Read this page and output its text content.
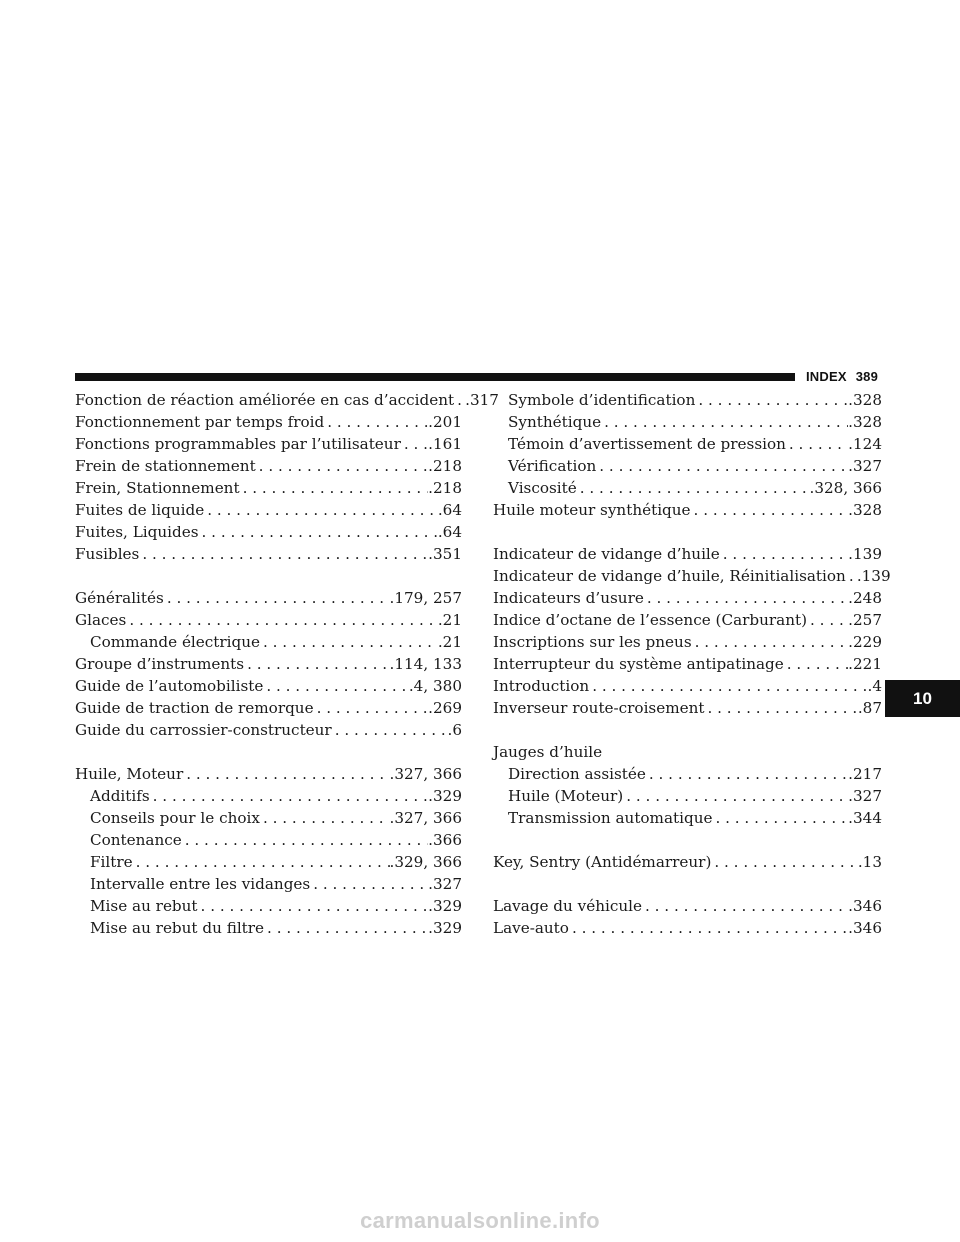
INDEX 389
Fonction de réaction améliorée en cas d’accident . . . .317
Fonctionnement par temps froid . . .	.201
Fonctions programmables par l’utilisateur . . . .161
Frein de stationnement . . .	.218
Frein, Stationnement . . .	.218
Fuites de liquide . . .	.64
Fuites, Liquides . . .	.64
Fusibles . . .	.351
Généralités . . .	.179, 257
Glaces . . .	.21
Commande électrique . . .	.21
Groupe d’instruments . . .	.114, 133
Guide de l’automobiliste . . .	.4, 380
Guide de traction de remorque . . .	.269
Guide du carrossier-constructeur . . .	.6
Huile, Moteur . . .	.327, 366
Additifs . . .	.329
Conseils pour le choix . . .	.327, 366
Contenance . . .	.366
Filtre . . .	.329, 366
Intervalle entre les vidanges . . .	.327
Mise au rebut . . .	.329
Mise au rebut du filtre . . .	.329
Symbole d’identification . . .	.328
Synthétique . . .	.328
Témoin d’avertissement de pression . . .	.124
Vérification . . .	.327
Viscosité . . .	.328, 366
Huile moteur synthétique . . .	.328
Indicateur de vidange d’huile . . .	.139
Indicateur de vidange d’huile, Réinitialisation . . . .139
Indicateurs d’usure . . .	.248
Indice d’octane de l’essence (Carburant) . . .	.257
Inscriptions sur les pneus . . .	.229
Interrupteur du système antipatinage . . .	.221
Introduction . . .	.4
Inverseur route-croisement . . .	.87
Jauges d’huile
Direction assistée . . .	.217
Huile (Moteur) . . .	.327
Transmission automatique . . .	.344
Key, Sentry (Antidémarreur) . . .	.13
Lavage du véhicule . . .	.346
Lave-auto . . .	.346
10
carmanualsonline.info
